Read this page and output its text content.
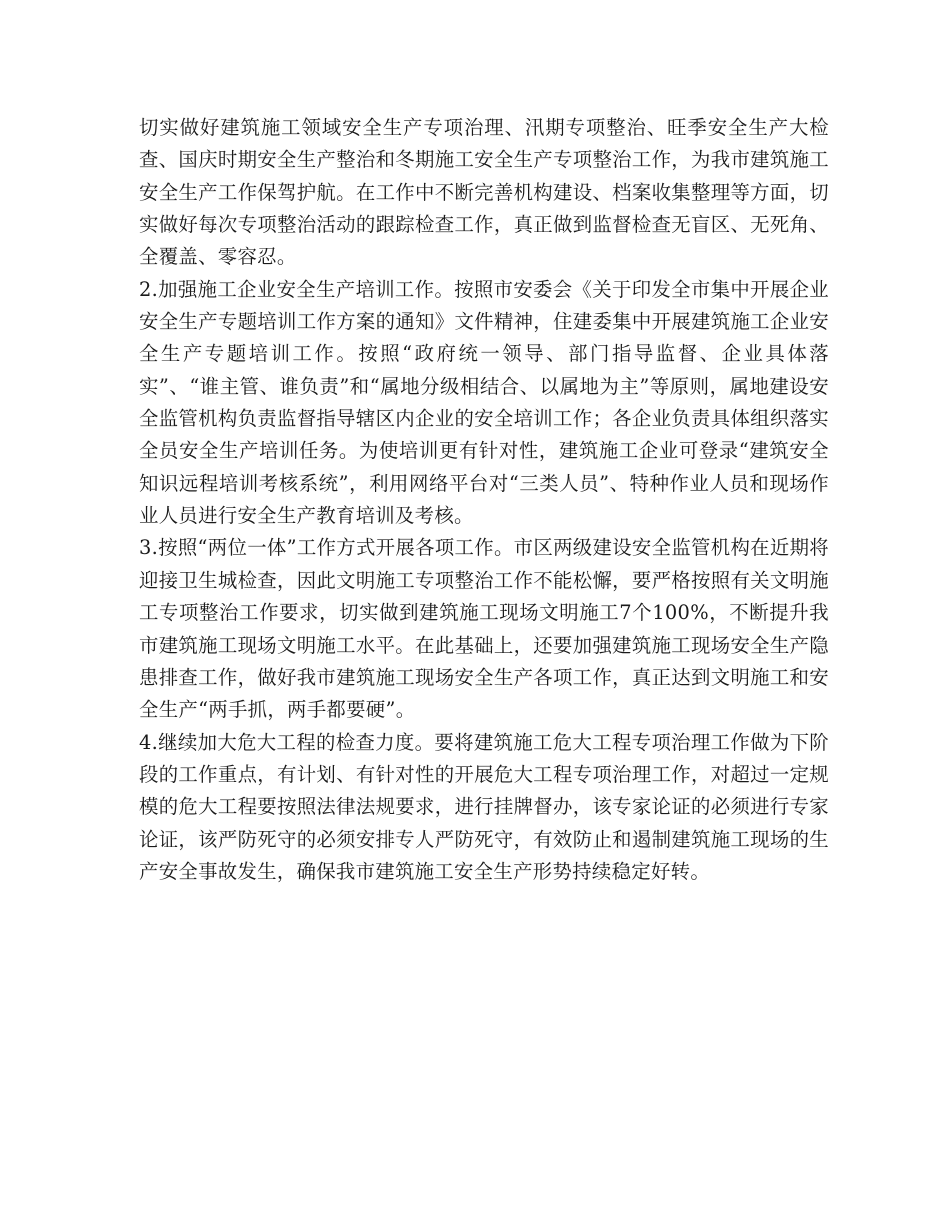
切实做好建筑施工领域安全生产专项治理、汛期专项整治、旺季安全生产大检查、国庆时期安全生产整治和冬期施工安全生产专项整治工作，为我市建筑施工安全生产工作保驾护航。在工作中不断完善机构建设、档案收集整理等方面，切实做好每次专项整治活动的跟踪检查工作，真正做到监督检查无盲区、无死角、全覆盖、零容忍。

2.加强施工企业安全生产培训工作。按照市安委会《关于印发全市集中开展企业安全生产专题培训工作方案的通知》文件精神，住建委集中开展建筑施工企业安全生产专题培训工作。按照“政府统一领导、部门指导监督、企业具体落实”、“谁主管、谁负责”和“属地分级相结合、以属地为主”等原则，属地建设安全监管机构负责监督指导辖区内企业的安全培训工作；各企业负责具体组织落实全员安全生产培训任务。为使培训更有针对性，建筑施工企业可登录“建筑安全知识远程培训考核系统”，利用网络平台对“三类人员”、特种作业人员和现场作业人员进行安全生产教育培训及考核。

3.按照“两位一体”工作方式开展各项工作。市区两级建设安全监管机构在近期将迎接卫生城检查，因此文明施工专项整治工作不能松懈，要严格按照有关文明施工专项整治工作要求，切实做到建筑施工现场文明施工7个100%，不断提升我市建筑施工现场文明施工水平。在此基础上，还要加强建筑施工现场安全生产隐患排查工作，做好我市建筑施工现场安全生产各项工作，真正达到文明施工和安全生产“两手抓，两手都要硬”。

4.继续加大危大工程的检查力度。要将建筑施工危大工程专项治理工作做为下阶段的工作重点，有计划、有针对性的开展危大工程专项治理工作，对超过一定规模的危大工程要按照法律法规要求，进行挂牌督办，该专家论证的必须进行专家论证，该严防死守的必须安排专人严防死守，有效防止和遏制建筑施工现场的生产安全事故发生，确保我市建筑施工安全生产形势持续稳定好转。
